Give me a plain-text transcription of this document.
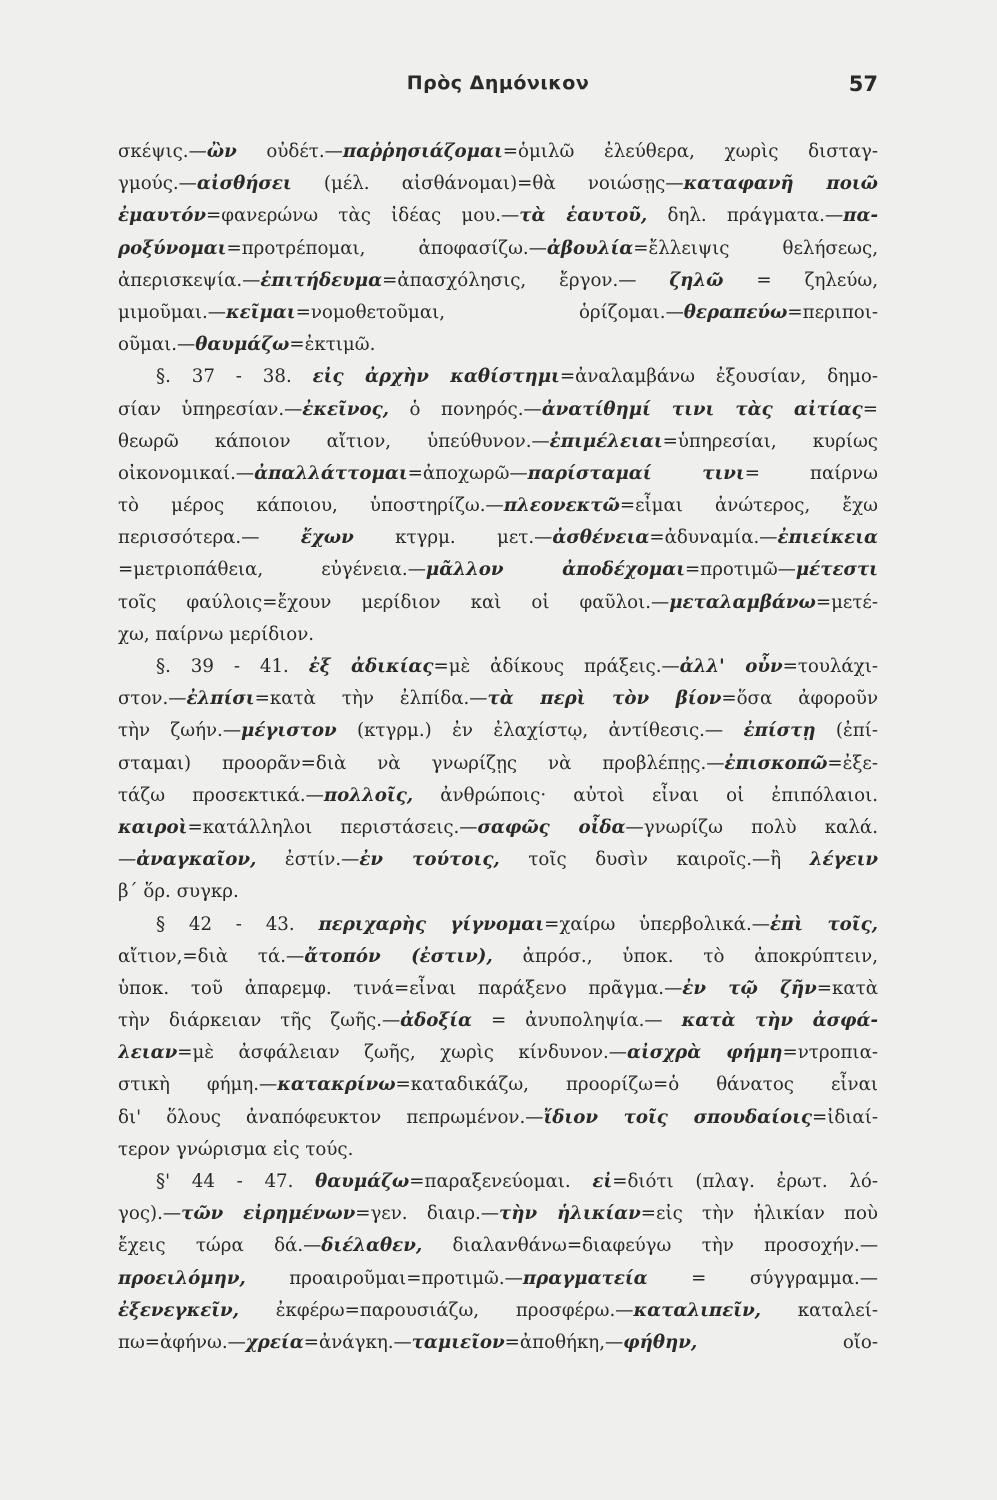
Πρὸς Δημόνικον	57
σκέψις.—ὢν οὐδέτ.—παῤῥησιάζομαι=ὁμιλῶ ἐλεύθερα, χωρὶς δισταγ-
γμούς.—αἰσθήσει (μέλ. αἰσθάνομαι)=θὰ νοιώσῃς—καταφανῆ ποιῶ
ἐμαυτόν=φανερώνω τὰς ἰδέας μου.—τὰ ἑαυτοῦ, δηλ. πράγματα.—πα-
ροξύνομαι=προτρέπομαι, ἀποφασίζω.—ἀβουλία=ἔλλειψις θελήσεως,
ἀπερισκεψία.—ἐπιτήδευμα=ἀπασχόλησις, ἔργον.— ζηλῶ = ζηλεύω,
μιμοῦμαι.—κεῖμαι=νομοθετοῦμαι, ὁρίζομαι.—θεραπεύω=περιποι-
οῦμαι.—θαυμάζω=ἐκτιμῶ.
§. 37 - 38. εἰς ἀρχὴν καθίστημι=ἀναλαμβάνω ἐξουσίαν, δημο-
σίαν ὑπηρεσίαν.—ἐκεῖνος, ὁ πονηρός.—ἀνατίθημί τινι τὰς αἰτίας=
θεωρῶ κάποιον αἴτιον, ὑπεύθυνον.—ἐπιμέλειαι=ὑπηρεσίαι, κυρίως
οἰκονομικαί.—ἀπαλλάττομαι=ἀποχωρῶ—παρίσταμαί τινι= παίρνω
τὸ μέρος κάποιου, ὑποστηρίζω.—πλεονεκτῶ=εἶμαι ἀνώτερος, ἔχω
περισσότερα.— ἔχων κτγρμ. μετ.—ἀσθένεια=ἀδυναμία.—ἐπιείκεια
=μετριοπάθεια, εὐγένεια.—μᾶλλον ἀποδέχομαι=προτιμῶ—μέτεστι
τοῖς φαύλοις=ἔχουν μερίδιον καὶ οἱ φαῦλοι.—μεταλαμβάνω=μετέ-
χω, παίρνω μερίδιον.
§. 39 - 41. ἐξ ἀδικίας=μὲ ἀδίκους πράξεις.—ἀλλ' οὖν=τουλάχι-
στον.—ἐλπίσι=κατὰ τὴν ἐλπίδα.—τὰ περὶ τὸν βίον=ὅσα ἀφοροῦν
τὴν ζωήν.—μέγιστον (κτγρμ.) ἐν ἐλαχίστῳ, ἀντίθεσις.— ἐπίστῃ (ἐπί-
σταμαι) προορᾶν=διὰ νὰ γνωρίζῃς νὰ προβλέπῃς.—ἐπισκοπῶ=ἐξε-
τάζω προσεκτικά.—πολλοῖς, ἀνθρώποις· αὐτοὶ εἶναι οἱ ἐπιπόλαιοι.
καιροὶ=κατάλληλοι περιστάσεις.—σαφῶς οἶδα—γνωρίζω πολὺ καλά.
—ἀναγκαῖον, ἐστίν.—ἐν τούτοις, τοῖς δυσὶν καιροῖς.—ἢ λέγειν
β΄ ὅρ. συγκρ.
§ 42 - 43. περιχαρὴς γίγνομαι=χαίρω ὑπερβολικά.—ἐπὶ τοῖς,
αἴτιον,=διὰ τά.—ἄτοπόν (ἐστιν), ἀπρόσ., ὑποκ. τὸ ἀποκρύπτειν,
ὑποκ. τοῦ ἀπαρεμφ. τινά=εἶναι παράξενο πρᾶγμα.—ἐν τῷ ζῆν=κατὰ
τὴν διάρκειαν τῆς ζωῆς.—ἀδοξία = ἀνυποληψία.— κατὰ τὴν ἀσφά-
λειαν=μὲ ἀσφάλειαν ζωῆς, χωρὶς κίνδυνον.—αἰσχρὰ φήμη=ντροπια-
στικὴ φήμη.—κατακρίνω=καταδικάζω, προορίζω=ὁ θάνατος εἶναι
δι' ὅλους ἀναπόφευκτον πεπρωμένον.—ἴδιον τοῖς σπουδαίοις=ἰδιαί-
τερον γνώρισμα εἰς τούς.
§' 44 - 47. θαυμάζω=παραξενεύομαι. εἰ=διότι (πλαγ. ἐρωτ. λό-
γος).—τῶν εἰρημένων=γεν. διαιρ.—τὴν ἡλικίαν=εἰς τὴν ἡλικίαν ποὺ
ἔχεις τώρα δά.—διέλαθεν, διαλανθάνω=διαφεύγω τὴν προσοχήν.—
προειλόμην, προαιροῦμαι=προτιμῶ.—πραγματεία = σύγγραμμα.—
ἐξενεγκεῖν, ἐκφέρω=παρουσιάζω, προσφέρω.—καταλιπεῖν, καταλεί-
πω=ἀφήνω.—χρεία=ἀνάγκη.—ταμιεῖον=ἀποθήκη,—φήθην, οἴο-
